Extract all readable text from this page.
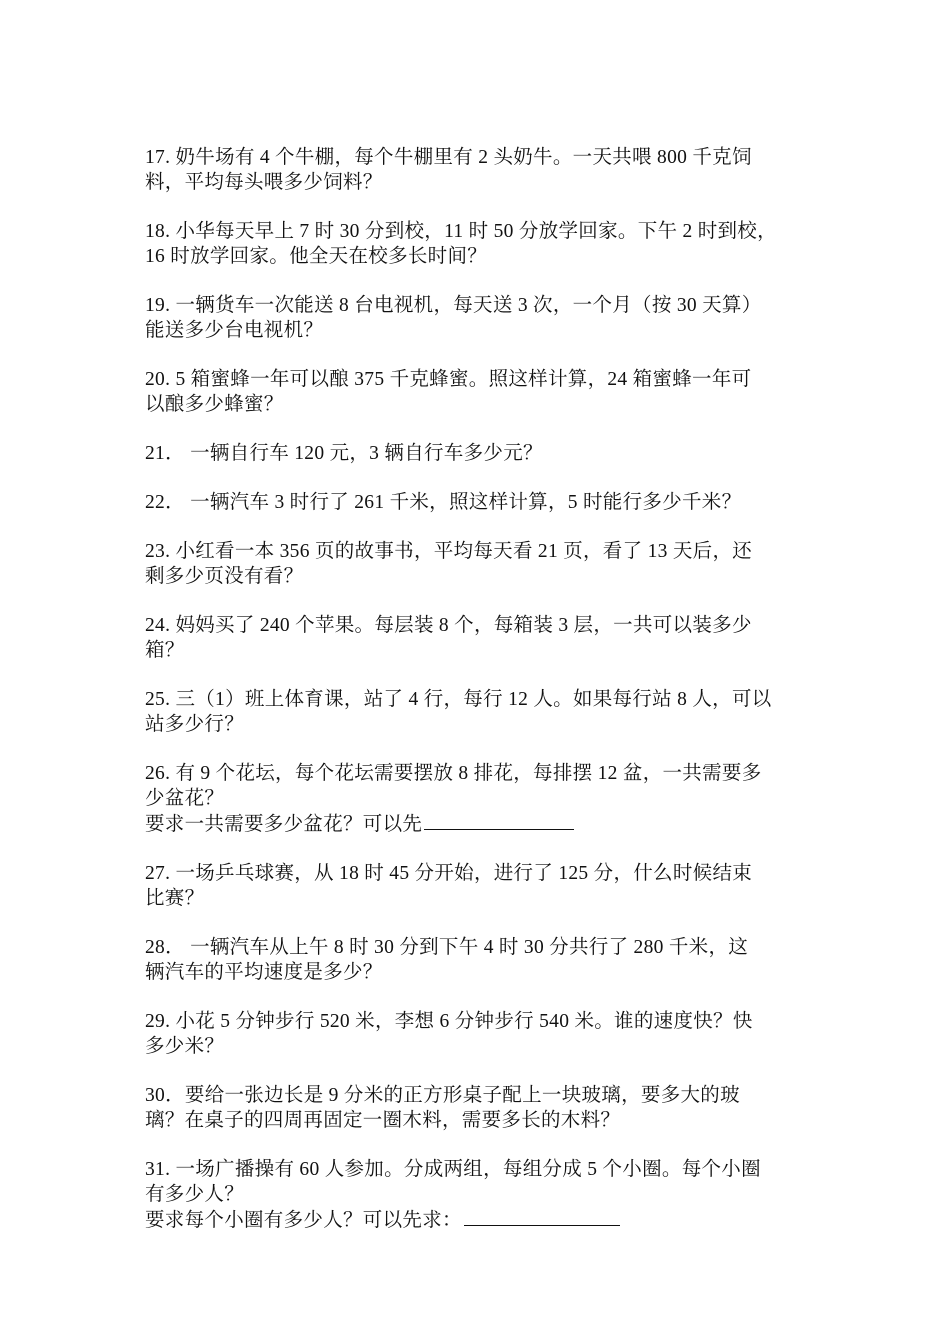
17. 奶牛场有 4 个牛棚，每个牛棚里有 2 头奶牛。一天共喂 800 千克饲
料，平均每头喂多少饲料？
18. 小华每天早上 7 时 30 分到校，11 时 50 分放学回家。下午 2 时到校，
16 时放学回家。他全天在校多长时间？
19. 一辆货车一次能送 8 台电视机，每天送 3 次，一个月（按 30 天算）
能送多少台电视机？
20. 5 箱蜜蜂一年可以酿 375 千克蜂蜜。照这样计算，24 箱蜜蜂一年可
以酿多少蜂蜜？
21． 一辆自行车 120 元，3 辆自行车多少元？
22． 一辆汽车 3 时行了 261 千米，照这样计算，5 时能行多少千米？
23. 小红看一本 356 页的故事书，平均每天看 21 页，看了 13 天后，还
剩多少页没有看？
24. 妈妈买了 240 个苹果。每层装 8 个，每箱装 3 层，一共可以装多少
箱？
25. 三（1）班上体育课，站了 4 行，每行 12 人。如果每行站 8 人，可以
站多少行？
26. 有 9 个花坛，每个花坛需要摆放 8 排花，每排摆 12 盆，一共需要多
少盆花？
要求一共需要多少盆花？可以先
27. 一场乒乓球赛，从 18 时 45 分开始，进行了 125 分，什么时候结束
比赛？
28． 一辆汽车从上午 8 时 30 分到下午 4 时 30 分共行了 280 千米，这
辆汽车的平均速度是多少？
29. 小花 5 分钟步行 520 米，李想 6 分钟步行 540 米。谁的速度快？快
多少米？
30．要给一张边长是 9 分米的正方形桌子配上一块玻璃，要多大的玻
璃？在桌子的四周再固定一圈木料，需要多长的木料？
31. 一场广播操有 60 人参加。分成两组，每组分成 5 个小圈。每个小圈
有多少人？
要求每个小圈有多少人？可以先求：
